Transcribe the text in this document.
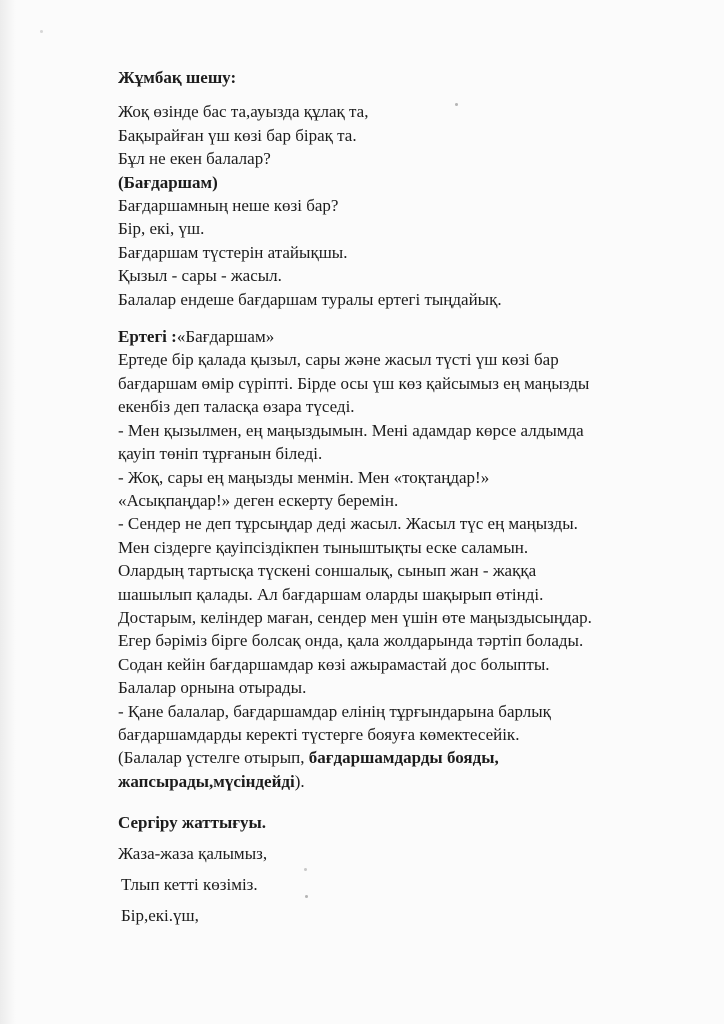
Жұмбақ шешу:
Жоқ өзінде бас та,ауызда құлақ та,
Бақырайған үш көзі бар бірақ та.
Бұл не екен балалар?
(Бағдаршам)
Бағдаршамның неше көзі бар?
Бір, екі, үш.
Бағдаршам түстерін атайықшы.
Қызыл - сары - жасыл.
Балалар ендеше бағдаршам туралы ертегі тыңдайық.
Ертегі :«Бағдаршам»
Ертеде бір қалада қызыл, сары және жасыл түсті үш көзі бар
бағдаршам өмір сүріпті. Бірде осы үш көз қайсымыз ең маңызды
екенбіз деп таласқа өзара түседі.
- Мен қызылмен, ең маңыздымын. Мені адамдар көрсе алдымда
қауіп төніп тұрғанын біледі.
- Жоқ, сары ең маңызды менмін. Мен «тоқтаңдар!»
«Асықпаңдар!» деген ескерту беремін.
- Сендер не деп тұрсыңдар деді жасыл. Жасыл түс ең маңызды.
Мен сіздерге қауіпсіздікпен тыныштықты еске саламын.
Олардың тартысқа түскені соншалық, сынып жан - жаққа
шашылып қалады. Ал бағдаршам оларды шақырып өтінді.
Достарым, келіндер маған, сендер мен үшін өте маңыздысыңдар.
Егер бәріміз бірге болсақ онда, қала жолдарында тәртіп болады.
Содан кейін бағдаршамдар көзі ажырамастай дос болыпты.
Балалар орнына отырады.
- Қане балалар, бағдаршамдар елінің тұрғындарына барлық
бағдаршамдарды керекті түстерге бояуға көмектесейік.
(Балалар үстелге отырып, бағдаршамдарды бояды,
жапсырады,мүсіндейді).
Сергіру жаттығуы.
Жаза-жаза қалымыз,
Тлып кетті көзіміз.
Бір,екі.үш,
